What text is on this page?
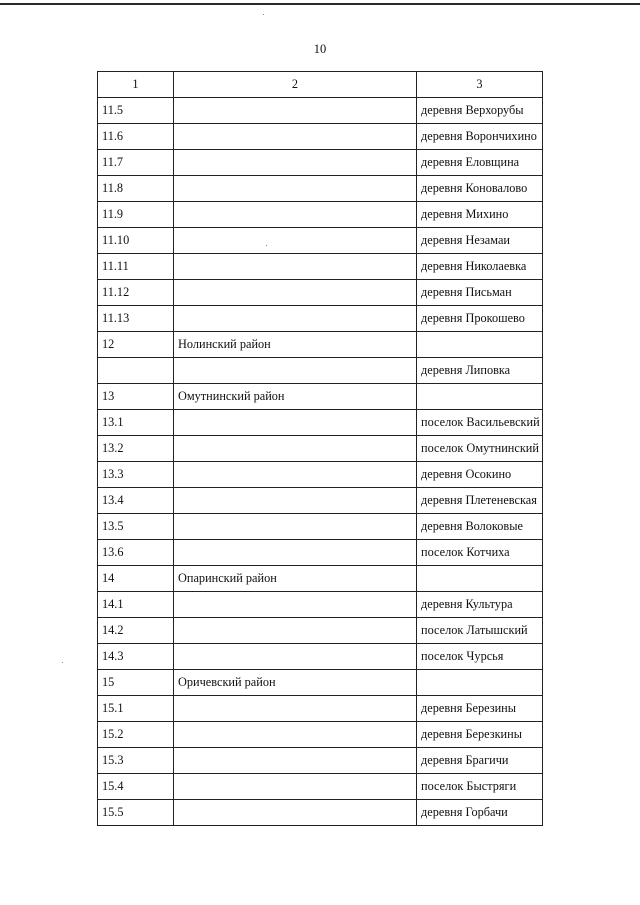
10
1	2	3
11.5		деревня Верхорубы
11.6		деревня Ворончихино
11.7		деревня Еловщина
11.8		деревня Коновалово
11.9		деревня Михино
11.10		деревня Незамаи
11.11		деревня Николаевка
11.12		деревня Письман
11.13		деревня Прокошево
12	Нолинский район	
		деревня Липовка
13	Омутнинский район	
13.1		поселок Васильевский
13.2		поселок Омутнинский
13.3		деревня Осокино
13.4		деревня Плетеневская
13.5		деревня Волоковые
13.6		поселок Котчиха
14	Опаринский район	
14.1		деревня Культура
14.2		поселок Латышский
14.3		поселок Чурсья
15	Оричевский район	
15.1		деревня Березины
15.2		деревня Березкины
15.3		деревня Брагичи
15.4		поселок Быстряги
15.5		деревня Горбачи
